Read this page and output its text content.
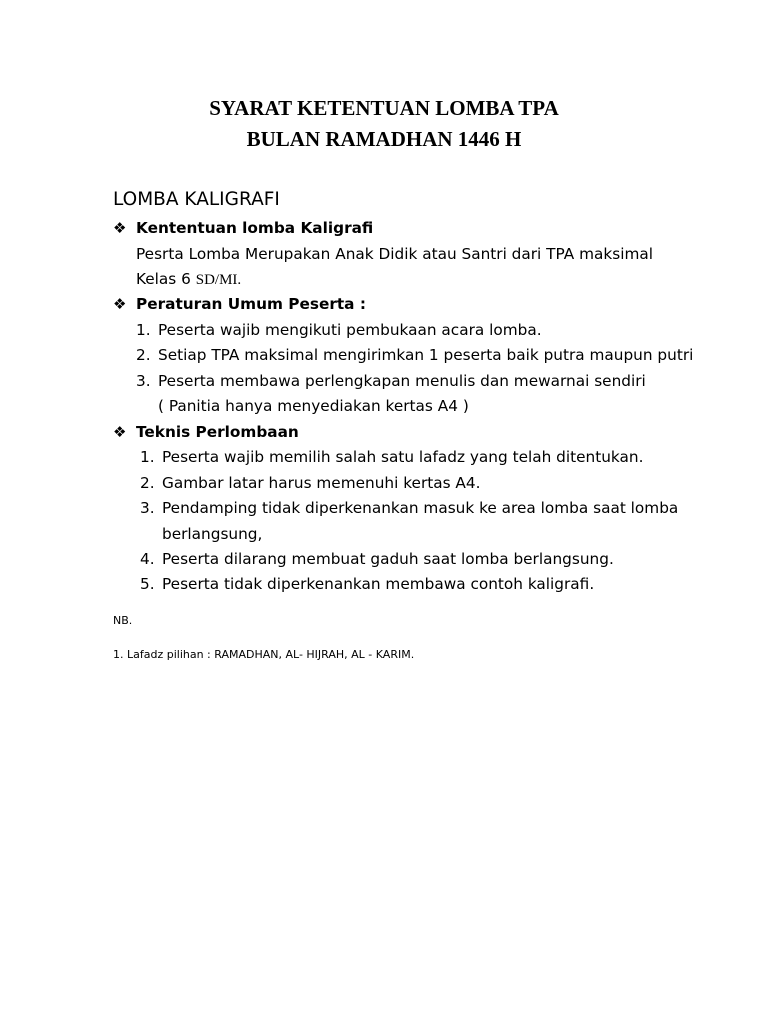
SYARAT KETENTUAN LOMBA TPA
BULAN RAMADHAN 1446 H
LOMBA KALIGRAFI
❖ Kententuan lomba Kaligrafi
Pesrta Lomba Merupakan Anak Didik atau Santri dari TPA maksimal
Kelas 6 SD/MI.
❖ Peraturan Umum Peserta :
1. Peserta wajib mengikuti pembukaan acara lomba.
2. Setiap TPA maksimal mengirimkan 1 peserta baik putra maupun putri
3. Peserta membawa perlengkapan menulis dan mewarnai sendiri
( Panitia hanya menyediakan kertas A4 )
❖ Teknis Perlombaan
1. Peserta wajib memilih salah satu lafadz yang telah ditentukan.
2. Gambar latar harus memenuhi kertas A4.
3. Pendamping tidak diperkenankan masuk ke area lomba saat lomba
berlangsung,
4. Peserta dilarang membuat gaduh saat lomba berlangsung.
5. Peserta tidak diperkenankan membawa contoh kaligrafi.
NB.
1. Lafadz pilihan : RAMADHAN, AL- HIJRAH, AL - KARIM.
